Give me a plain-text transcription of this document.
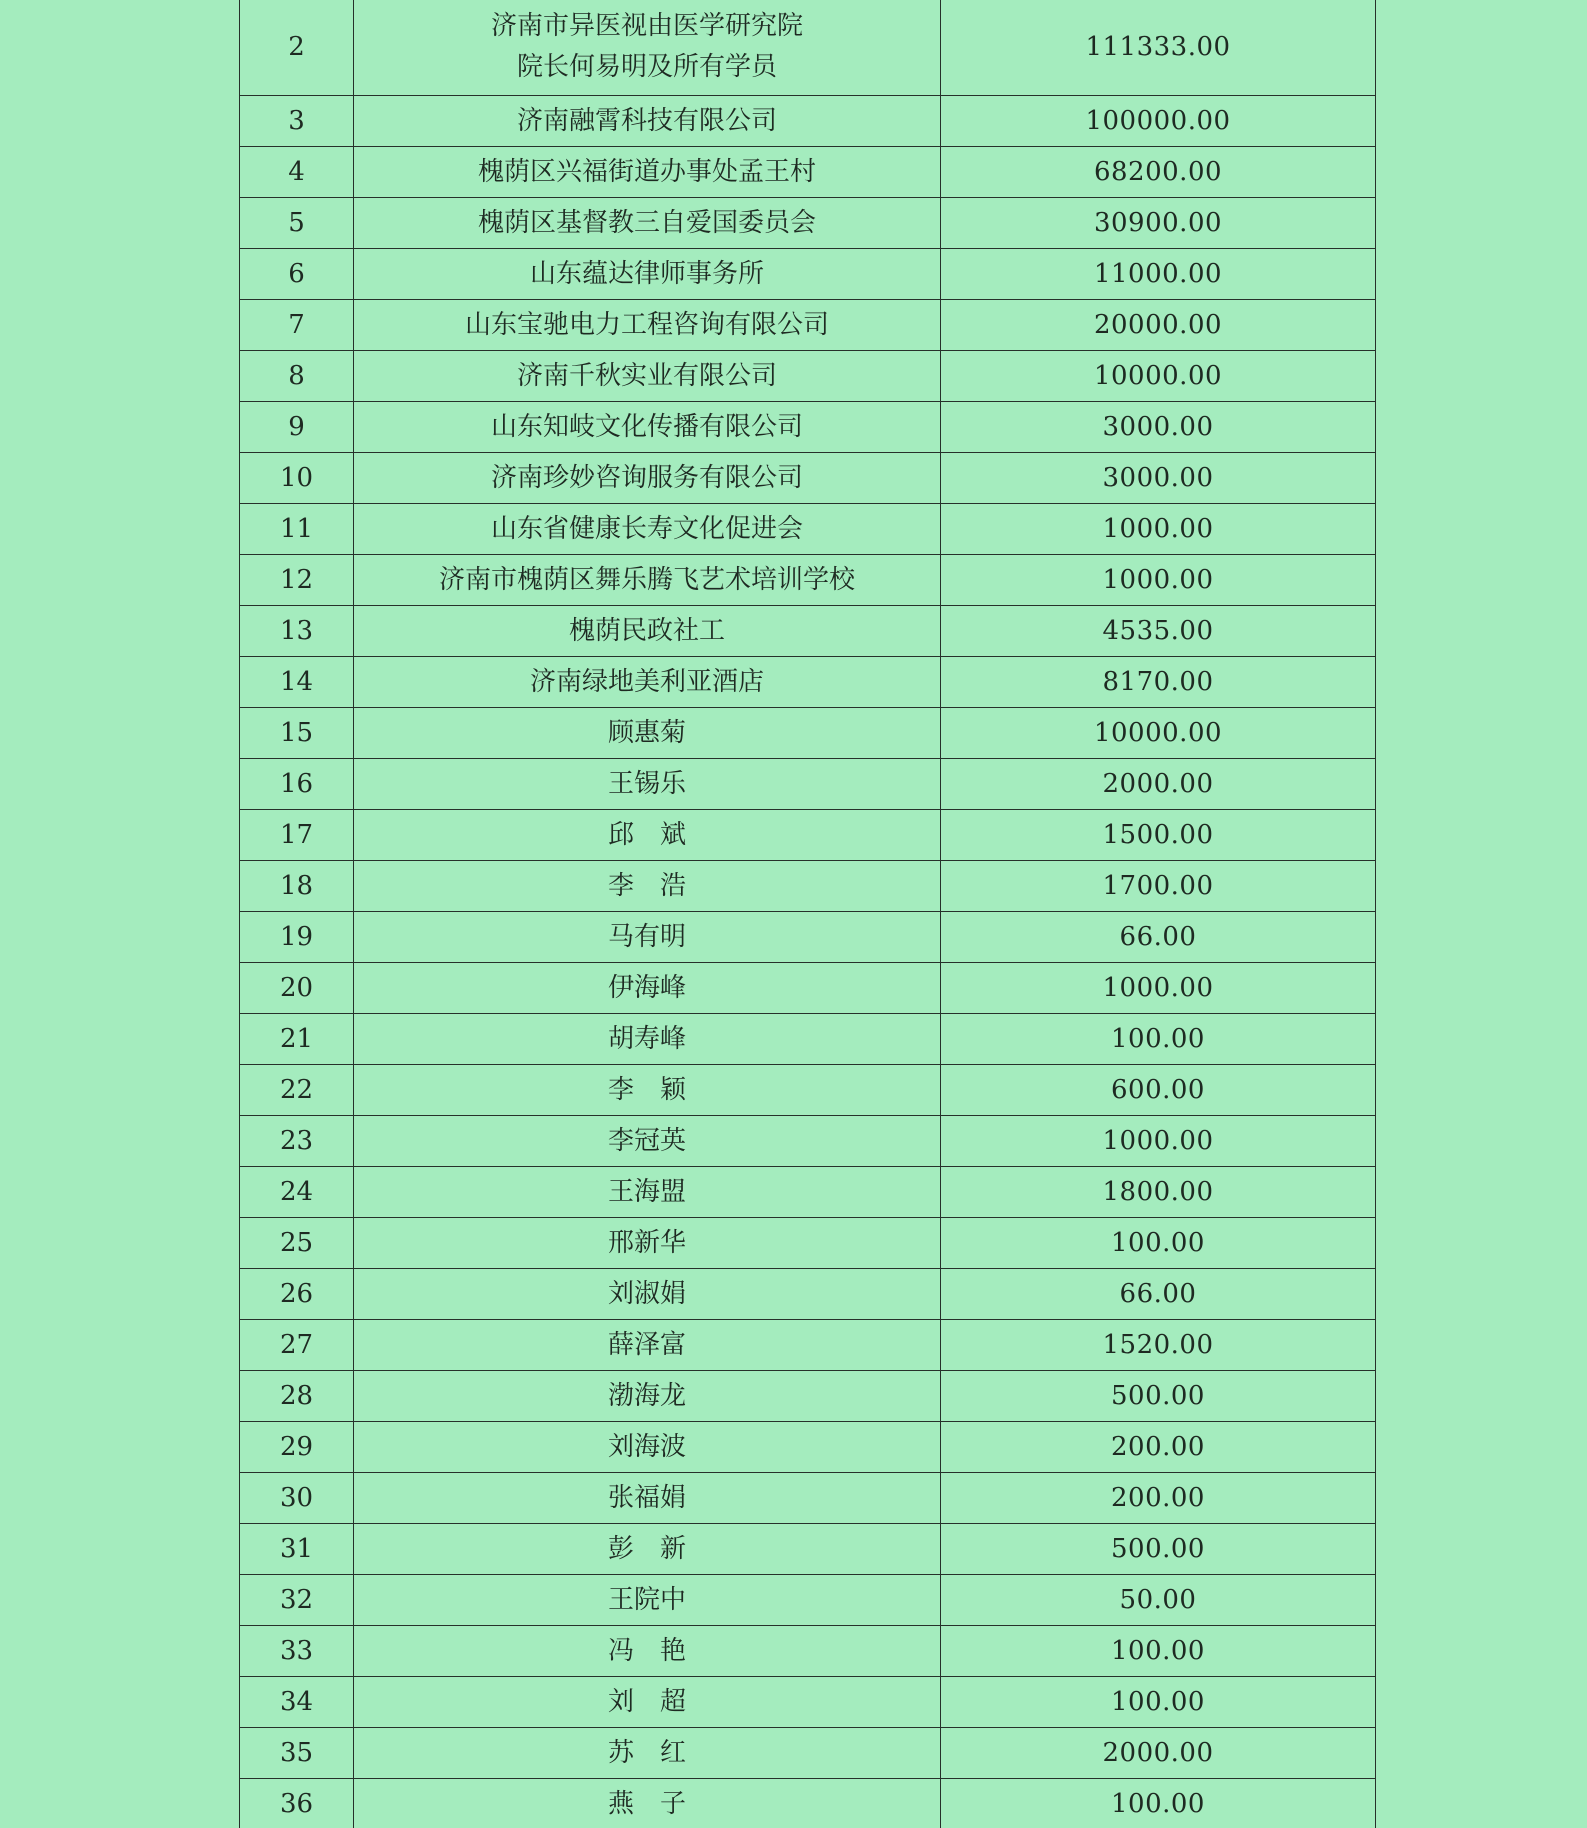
2	济南市异医视由医学研究院
院长何易明及所有学员	111333.00
3	济南融霄科技有限公司	100000.00
4	槐荫区兴福街道办事处孟王村	68200.00
5	槐荫区基督教三自爱国委员会	30900.00
6	山东蕴达律师事务所	11000.00
7	山东宝驰电力工程咨询有限公司	20000.00
8	济南千秋实业有限公司	10000.00
9	山东知岐文化传播有限公司	3000.00
10	济南珍妙咨询服务有限公司	3000.00
11	山东省健康长寿文化促进会	1000.00
12	济南市槐荫区舞乐腾飞艺术培训学校	1000.00
13	槐荫民政社工	4535.00
14	济南绿地美利亚酒店	8170.00
15	顾惠菊	10000.00
16	王锡乐	2000.00
17	邱　斌	1500.00
18	李　浩	1700.00
19	马有明	66.00
20	伊海峰	1000.00
21	胡寿峰	100.00
22	李　颖	600.00
23	李冠英	1000.00
24	王海盟	1800.00
25	邢新华	100.00
26	刘淑娟	66.00
27	薛泽富	1520.00
28	渤海龙	500.00
29	刘海波	200.00
30	张福娟	200.00
31	彭　新	500.00
32	王院中	50.00
33	冯　艳	100.00
34	刘　超	100.00
35	苏　红	2000.00
36	燕　子	100.00
